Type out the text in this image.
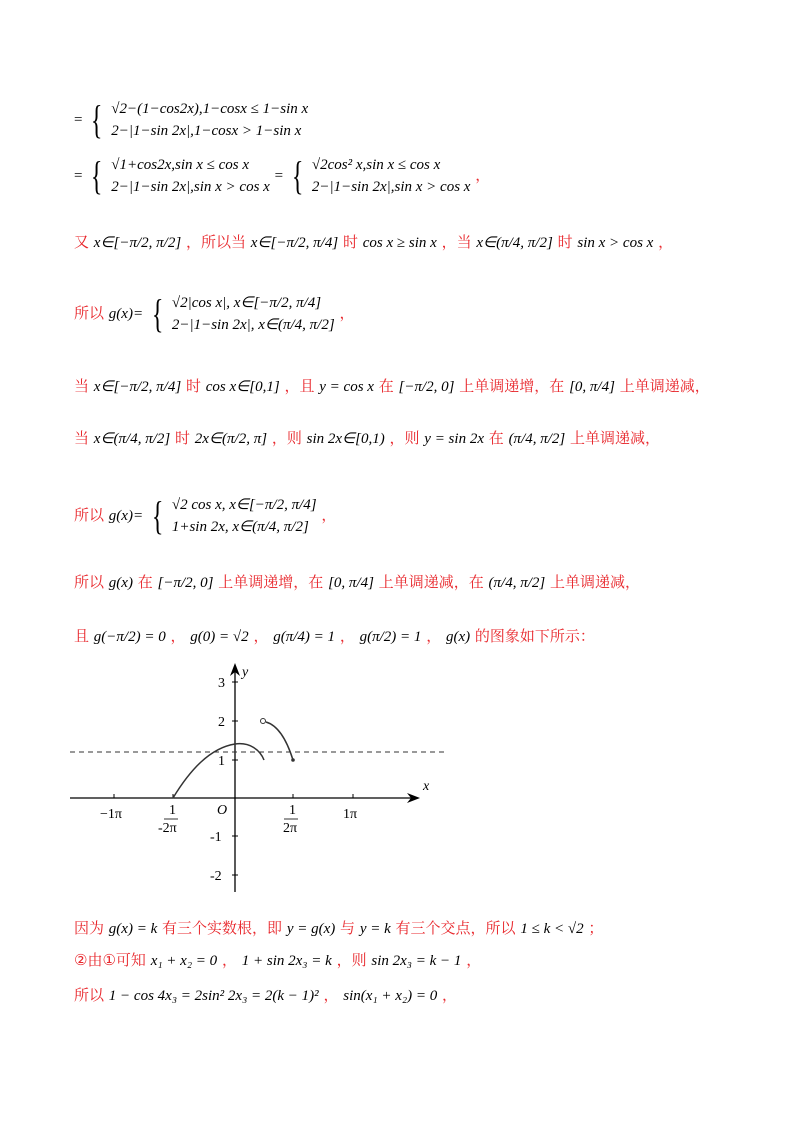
= { √2−(1−cos2x),1−cosx ≤ 1−sin x
2−|1−sin 2x|,1−cosx > 1−sin x
= { √1+cos2x,sin x ≤ cos x
2−|1−sin 2x|,sin x > cos x
= { √2cos² x,sin x ≤ cos x
2−|1−sin 2x|,sin x > cos x
，
又 x∈[−π/2, π/2] ，所以当 x∈[−π/2, π/4] 时 cos x ≥ sin x ，当 x∈(π/4, π/2] 时 sin x > cos x ，
所以 g(x)= { √2|cos x|, x∈[−π/2, π/4]
2−|1−sin 2x|, x∈(π/4, π/2]
，
当 x∈[−π/2, π/4] 时 cos x∈[0,1] ，且 y = cos x 在 [−π/2, 0] 上单调递增，在 [0, π/4] 上单调递减，
当 x∈(π/4, π/2] 时 2x∈(π/2, π] ，则 sin 2x∈[0,1) ，则 y = sin 2x 在 (π/4, π/2] 上单调递减，
所以 g(x)= { √2 cos x, x∈[−π/2, π/4]
1+sin 2x, x∈(π/4, π/2]
，
所以 g(x) 在 [−π/2, 0] 上单调递增，在 [0, π/4] 上单调递减，在 (π/4, π/2] 上单调递减，
且 g(−π/2) = 0 ， g(0) = √2 ， g(π/4) = 1 ， g(π/2) = 1 ， g(x) 的图象如下所示：
y
x
O
3
2
1
-1
-2
−1π	1π
1
-2π
1
2π
因为 g(x) = k 有三个实数根，即 y = g(x) 与 y = k 有三个交点，所以 1 ≤ k < √2 ；
②由①可知 x₁ + x₂ = 0 ， 1 + sin 2x₃ = k ，则 sin 2x₃ = k − 1 ，
所以 1 − cos 4x₃ = 2sin² 2x₃ = 2(k − 1)² ， sin(x₁ + x₂) = 0 ，
